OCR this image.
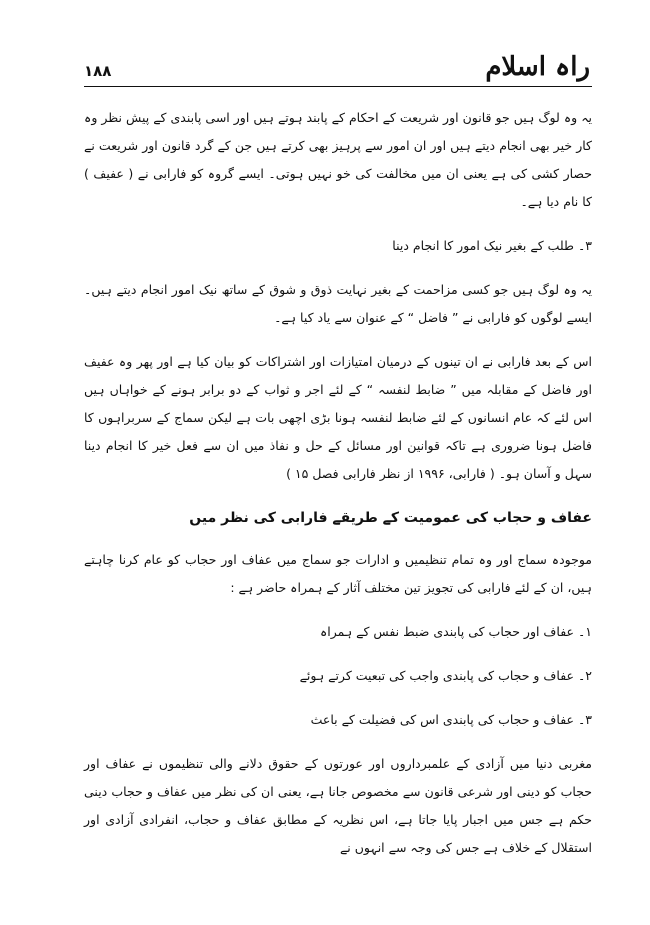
۱۸۸	راہ اسلام

یہ وہ لوگ ہیں جو قانون اور شریعت کے احکام کے پابند ہوتے ہیں اور اسی پابندی کے پیش نظر وہ کار خیر بھی انجام دیتے ہیں اور ان امور سے پرہیز بھی کرتے ہیں جن کے گرد قانون اور شریعت نے حصار کشی کی ہے یعنی ان میں مخالفت کی خو نہیں ہوتی۔ ایسے گروہ کو فارابی نے ( عفیف ) کا نام دیا ہے۔

۳۔ طلب کے بغیر نیک امور کا انجام دینا

یہ وہ لوگ ہیں جو کسی مزاحمت کے بغیر نہایت ذوق و شوق کے ساتھ نیک امور انجام دیتے ہیں۔ ایسے لوگوں کو فارابی نے ” فاضل “ کے عنوان سے یاد کیا ہے۔

اس کے بعد فارابی نے ان تینوں کے درمیان امتیازات اور اشتراکات کو بیان کیا ہے اور پھر وہ عفیف اور فاضل کے مقابلہ میں ” ضابط لنفسہ “ کے لئے اجر و ثواب کے دو برابر ہونے کے خواہاں ہیں اس لئے کہ عام انسانوں کے لئے ضابط لنفسہ ہونا بڑی اچھی بات ہے لیکن سماج کے سربراہوں کا فاضل ہونا ضروری ہے تاکہ قوانین اور مسائل کے حل و نفاذ میں ان سے فعل خیر کا انجام دینا سہل و آسان ہو۔ ( فارابی، ۱۹۹۶ از نظر فارابی فصل ۱۵ )

عفاف و حجاب کی عمومیت کے طریقے فارابی کی نظر میں

موجودہ سماج اور وہ تمام تنظیمیں و ادارات جو سماج میں عفاف اور حجاب کو عام کرنا چاہتے ہیں، ان کے لئے فارابی کی تجویز تین مختلف آثار کے ہمراہ حاضر ہے :

۱۔ عفاف اور حجاب کی پابندی ضبط نفس کے ہمراہ

۲۔ عفاف و حجاب کی پابندی واجب کی تبعیت کرتے ہوئے

۳۔ عفاف و حجاب کی پابندی اس کی فضیلت کے باعث

مغربی دنیا میں آزادی کے علمبرداروں اور عورتوں کے حقوق دلانے والی تنظیموں نے عفاف اور حجاب کو دینی اور شرعی قانون سے مخصوص جانا ہے، یعنی ان کی نظر میں عفاف و حجاب دینی حکم ہے جس میں اجبار پایا جاتا ہے، اس نظریہ کے مطابق عفاف و حجاب، انفرادی آزادی اور استقلال کے خلاف ہے جس کی وجہ سے انہوں نے
